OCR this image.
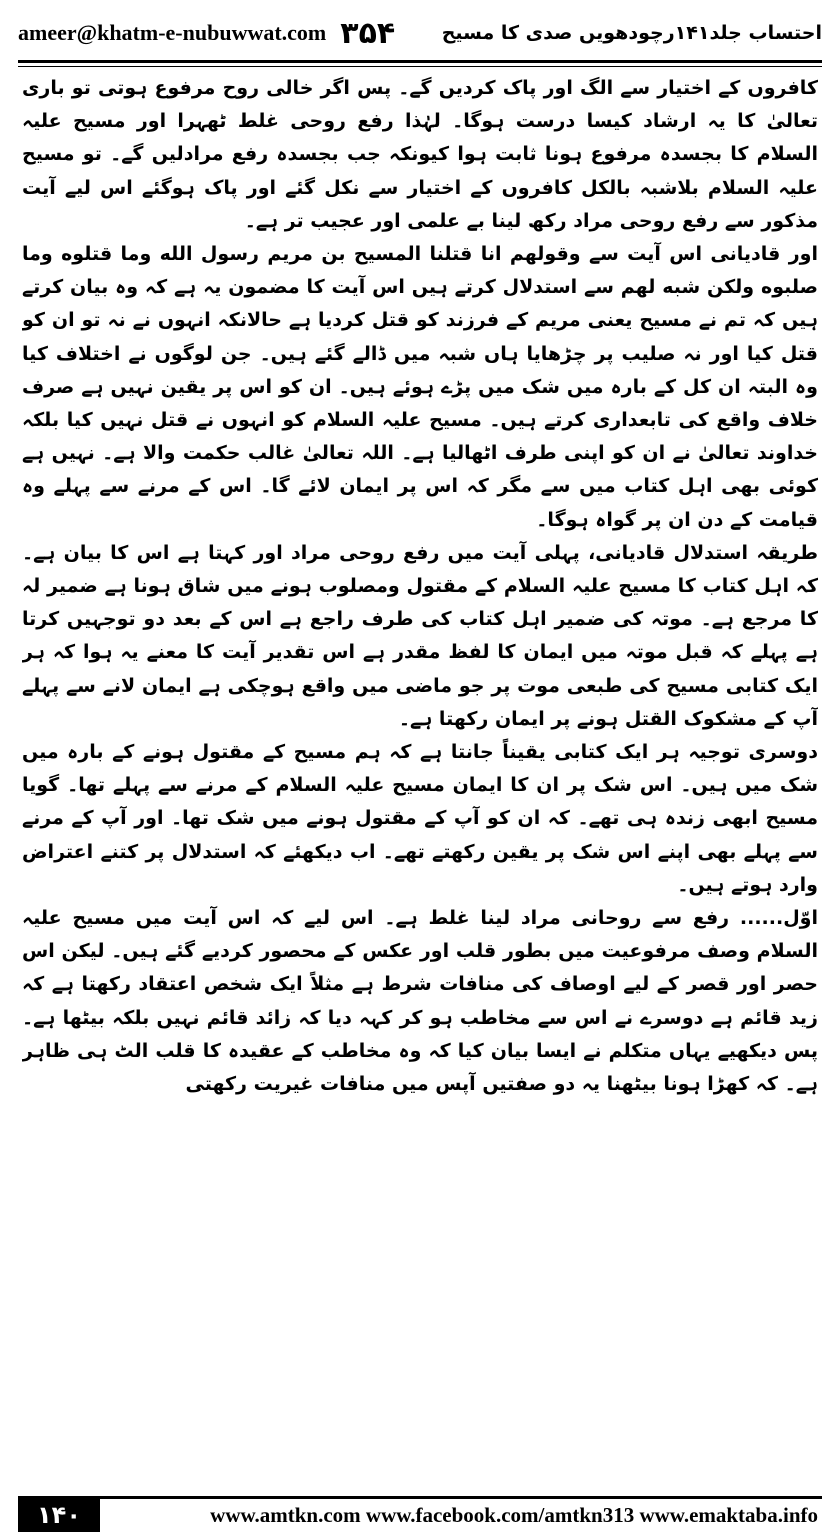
ameer@khatm-e-nubuwwat.com ۳۵۴ احتساب جلد۱۴۱رچودھویں صدی کا مسیح

کافروں کے اختیار سے الگ اور پاک کردیں گے۔ پس اگر خالی روح مرفوع ہوتی تو باری تعالیٰ کا یہ ارشاد کیسا درست ہوگا۔ لہٰذا رفع روحی غلط ٹھہرا اور مسیح علیہ السلام کا بجسدہ مرفوع ہونا ثابت ہوا کیونکہ جب بجسدہ رفع مرادلیں گے۔ تو مسیح علیہ السلام بلاشبہ بالکل کافروں کے اختیار سے نکل گئے اور پاک ہوگئے اس لیے آیت مذکور سے رفع روحی مراد رکھ لینا بے علمی اور عجیب تر ہے۔

اور قادیانی اس آیت سے وقولهم انا قتلنا المسيح بن مريم رسول الله وما قتلوه وما صلبوه ولكن شبه لهم سے استدلال کرتے ہیں اس آیت کا مضمون یہ ہے کہ وہ بیان کرتے ہیں کہ تم نے مسیح یعنی مریم کے فرزند کو قتل کردیا ہے حالانکہ انہوں نے نہ تو ان کو قتل کیا اور نہ صلیب پر چڑھایا ہاں شبہ میں ڈالے گئے ہیں۔ جن لوگوں نے اختلاف کیا وہ البتہ ان کل کے بارہ میں شک میں پڑے ہوئے ہیں۔ ان کو اس پر یقین نہیں ہے صرف خلاف واقع کی تابعداری کرتے ہیں۔ مسیح علیہ السلام کو انہوں نے قتل نہیں کیا بلکہ خداوند تعالیٰ نے ان کو اپنی طرف اٹھالیا ہے۔ اللہ تعالیٰ غالب حکمت والا ہے۔ نہیں ہے کوئی بھی اہل کتاب میں سے مگر کہ اس پر ایمان لائے گا۔ اس کے مرنے سے پہلے وہ قیامت کے دن ان پر گواہ ہوگا۔

طریقہ استدلال قادیانی، پہلی آیت میں رفع روحی مراد اور کہتا ہے اس کا بیان ہے۔ کہ اہل کتاب کا مسیح علیہ السلام کے مقتول ومصلوب ہونے میں شاق ہونا ہے ضمیر لہ کا مرجع ہے۔ موتہ کی ضمیر اہل کتاب کی طرف راجع ہے اس کے بعد دو توجہیں کرتا ہے پہلے کہ قبل موتہ میں ایمان کا لفظ مقدر ہے اس تقدیر آیت کا معنے یہ ہوا کہ ہر ایک کتابی مسیح کی طبعی موت پر جو ماضی میں واقع ہوچکی ہے ایمان لانے سے پہلے آپ کے مشکوک القتل ہونے پر ایمان رکھتا ہے۔

دوسری توجیہ ہر ایک کتابی یقیناً جانتا ہے کہ ہم مسیح کے مقتول ہونے کے بارہ میں شک میں ہیں۔ اس شک پر ان کا ایمان مسیح علیہ السلام کے مرنے سے پہلے تھا۔ گویا مسیح ابھی زندہ ہی تھے۔ کہ ان کو آپ کے مقتول ہونے میں شک تھا۔ اور آپ کے مرنے سے پہلے بھی اپنے اس شک پر یقین رکھتے تھے۔ اب دیکھئے کہ استدلال پر کتنے اعتراض وارد ہوتے ہیں۔

اوّل...... رفع سے روحانی مراد لینا غلط ہے۔ اس لیے کہ اس آیت میں مسیح علیہ السلام وصف مرفوعیت میں بطور قلب اور عکس کے محصور کردیے گئے ہیں۔ لیکن اس حصر اور قصر کے لیے اوصاف کی منافات شرط ہے مثلاً ایک شخص اعتقاد رکھتا ہے کہ زید قائم ہے دوسرے نے اس سے مخاطب ہو کر کہہ دیا کہ زائد قائم نہیں بلکہ بیٹھا ہے۔ پس دیکھیے یہاں متکلم نے ایسا بیان کیا کہ وہ مخاطب کے عقیدہ کا قلب الٹ ہی ظاہر ہے۔ کہ کھڑا ہونا بیٹھنا یہ دو صفتیں آپس میں منافات غیریت رکھتی

۱۴۰	www.amtkn.com www.facebook.com/amtkn313 www.emaktaba.info
